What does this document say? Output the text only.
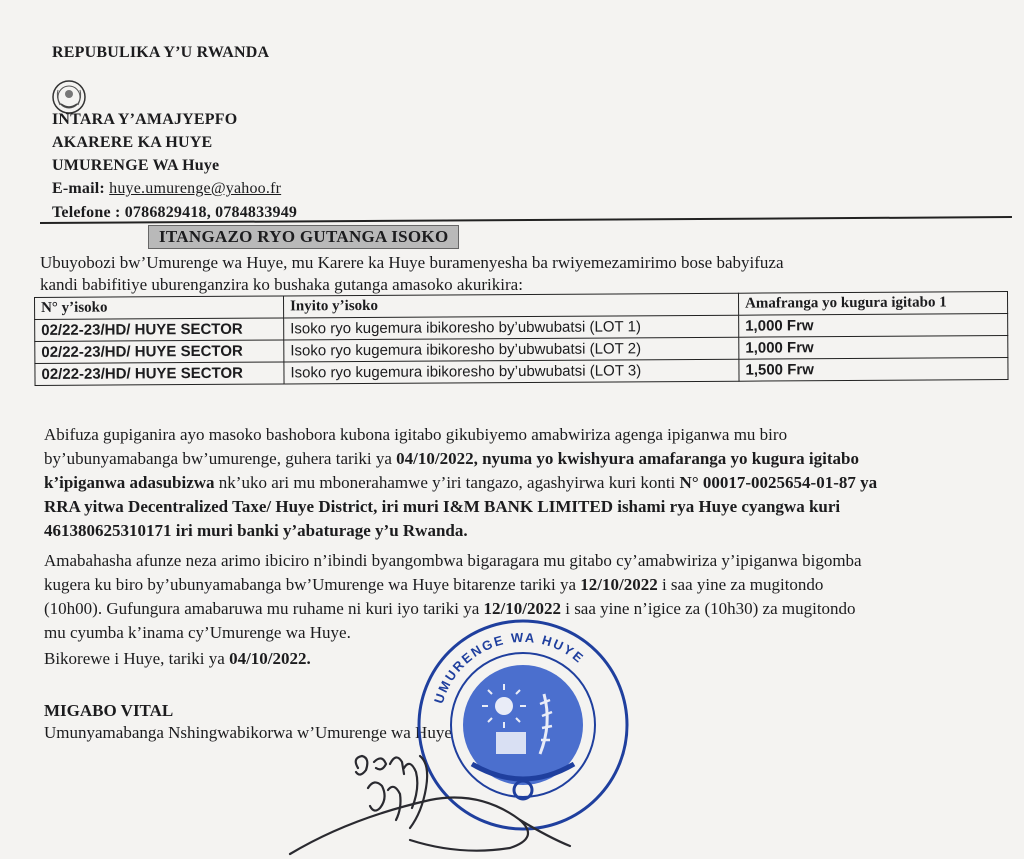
REPUBULIKA Y’U RWANDA
INTARA Y’AMAJYEPFO
AKARERE KA HUYE
UMURENGE WA Huye
E-mail: huye.umurenge@yahoo.fr
Telefone : 0786829418, 0784833949
ITANGAZO RYO GUTANGA ISOKO
Ubuyobozi bw’Umurenge wa Huye, mu Karere ka Huye buramenyesha ba rwiyemezamirimo bose babyifuza
kandi babifitiye uburenganzira ko bushaka gutanga amasoko akurikira:
N° y’isoko	Inyito y’isoko	Amafranga yo kugura igitabo 1
02/22-23/HD/ HUYE SECTOR	Isoko ryo kugemura ibikoresho by’ubwubatsi (LOT 1)	1,000 Frw
02/22-23/HD/ HUYE SECTOR	Isoko ryo kugemura ibikoresho by’ubwubatsi (LOT 2)	1,000 Frw
02/22-23/HD/ HUYE SECTOR	Isoko ryo kugemura ibikoresho by’ubwubatsi (LOT 3)	1,500 Frw
Abifuza gupiganira ayo masoko bashobora kubona igitabo gikubiyemo amabwiriza agenga ipiganwa mu biro
by’ubunyamabanga bw’umurenge, guhera tariki ya 04/10/2022, nyuma yo kwishyura amafaranga yo kugura igitabo
k’ipiganwa adasubizwa nk’uko ari mu mbonerahamwe y’iri tangazo, agashyirwa kuri konti N° 00017-0025654-01-87 ya
RRA yitwa Decentralized Taxe/ Huye District, iri muri I&M BANK LIMITED ishami rya Huye cyangwa kuri
461380625310171 iri muri banki y’abaturage y’u Rwanda.
Amabahasha afunze neza arimo ibiciro n’ibindi byangombwa bigaragara mu gitabo cy’amabwiriza y’ipiganwa bigomba
kugera ku biro by’ubunyamabanga bw’Umurenge wa Huye bitarenze tariki ya 12/10/2022 i saa yine za mugitondo
(10h00). Gufungura amabaruwa mu ruhame ni kuri iyo tariki ya 12/10/2022 i saa yine n’igice za (10h30) za mugitondo
mu cyumba k’inama cy’Umurenge wa Huye.
Bikorewe i Huye, tariki ya 04/10/2022.
MIGABO VITAL
Umunyamabanga Nshingwabikorwa w’Umurenge wa Huye
UMURENGE WA HUYE
